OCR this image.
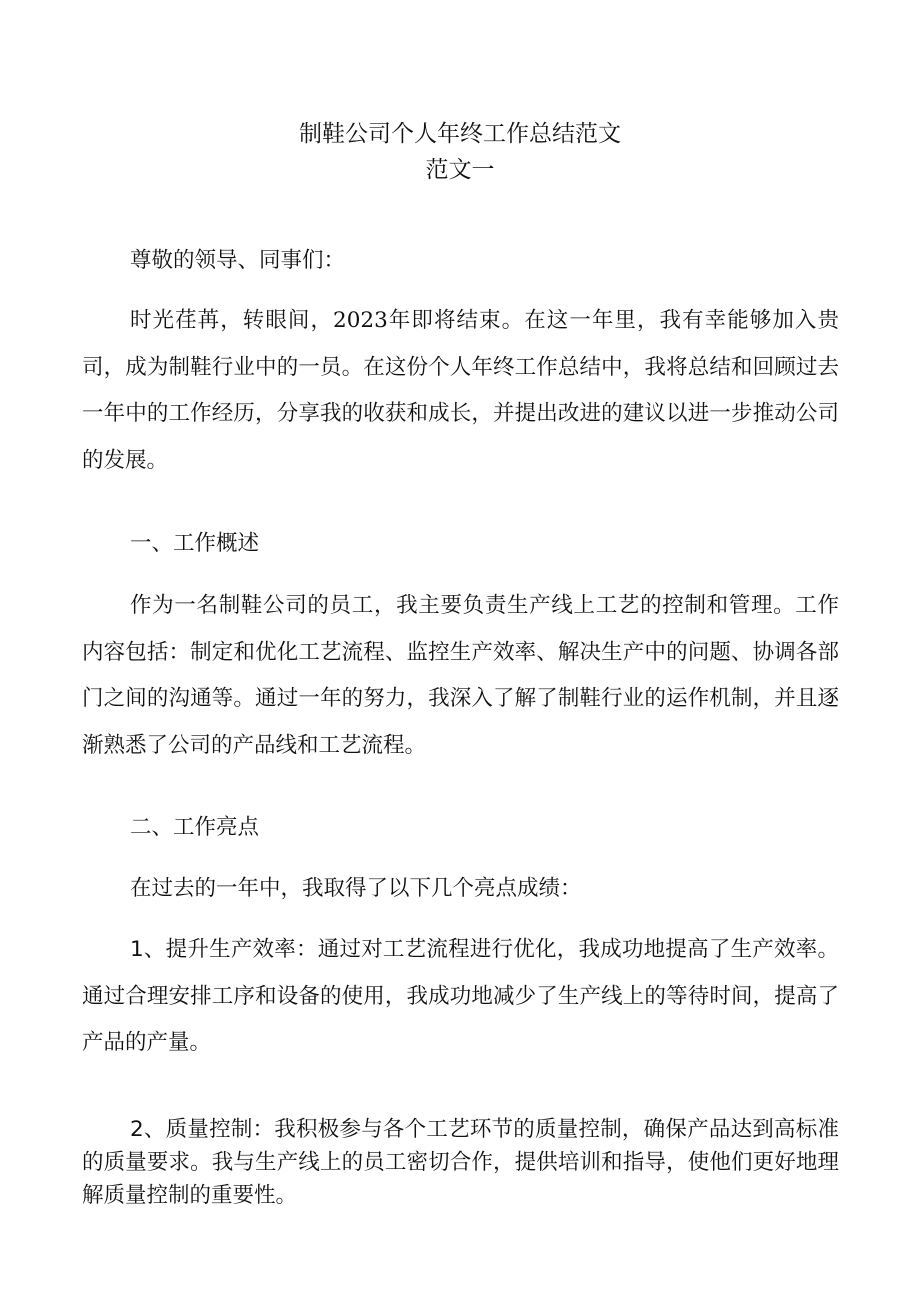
制鞋公司个人年终工作总结范文
范文一

尊敬的领导、同事们：

时光荏苒，转眼间，2023年即将结束。在这一年里，我有幸能够加入贵司，成为制鞋行业中的一员。在这份个人年终工作总结中，我将总结和回顾过去一年中的工作经历，分享我的收获和成长，并提出改进的建议以进一步推动公司的发展。

一、工作概述

作为一名制鞋公司的员工，我主要负责生产线上工艺的控制和管理。工作内容包括：制定和优化工艺流程、监控生产效率、解决生产中的问题、协调各部门之间的沟通等。通过一年的努力，我深入了解了制鞋行业的运作机制，并且逐渐熟悉了公司的产品线和工艺流程。

二、工作亮点

在过去的一年中，我取得了以下几个亮点成绩：

1、提升生产效率：通过对工艺流程进行优化，我成功地提高了生产效率。通过合理安排工序和设备的使用，我成功地减少了生产线上的等待时间，提高了产品的产量。

2、质量控制：我积极参与各个工艺环节的质量控制，确保产品达到高标准的质量要求。我与生产线上的员工密切合作，提供培训和指导，使他们更好地理解质量控制的重要性。
